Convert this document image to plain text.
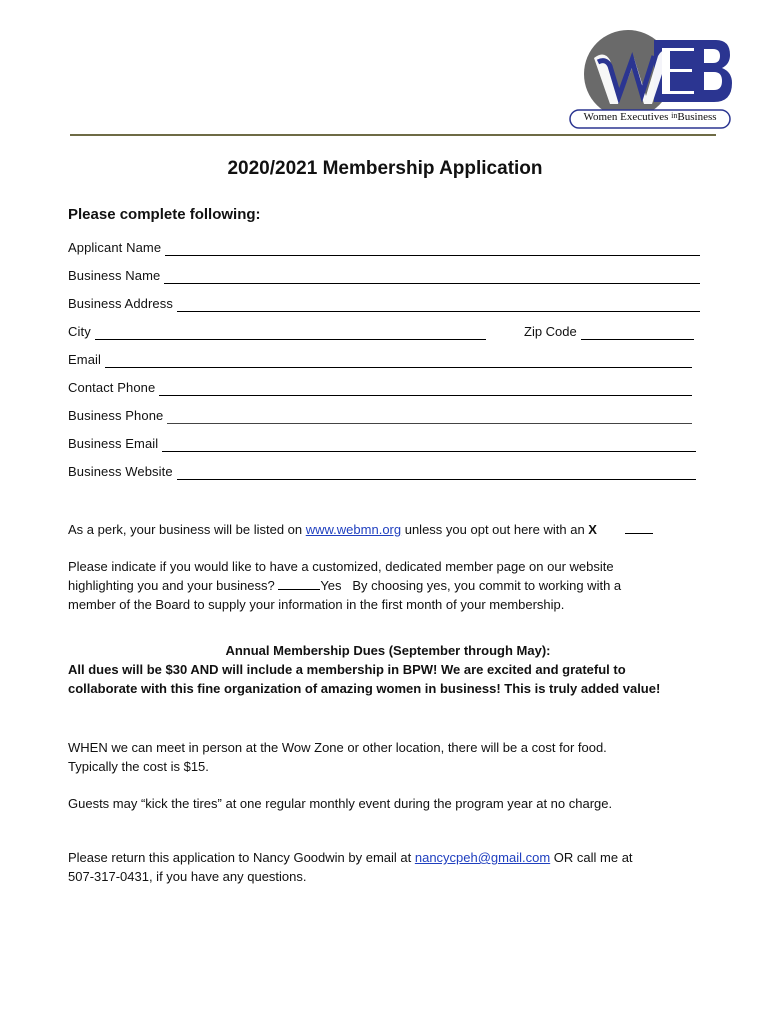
Women Executives $^{in}$Business
2020/2021 Membership Application
Please complete following:
Applicant Name
Business Name
Business Address
City	Zip Code
Email
Contact Phone
Business Phone
Business Email
Business Website
As a perk, your business will be listed on www.webmn.org unless you opt out here with an X
Please indicate if you would like to have a customized, dedicated member page on our website
highlighting you and your business?	Yes   By choosing yes, you commit to working with a
member of the Board to supply your information in the first month of your membership.
Annual Membership Dues (September through May):
All dues will be $30 AND will include a membership in BPW! We are excited and grateful to
collaborate with this fine organization of amazing women in business! This is truly added value!
WHEN we can meet in person at the Wow Zone or other location, there will be a cost for food.
Typically the cost is $15.
Guests may “kick the tires” at one regular monthly event during the program year at no charge.
Please return this application to Nancy Goodwin by email at nancycpeh@gmail.com OR call me at
507-317-0431, if you have any questions.
